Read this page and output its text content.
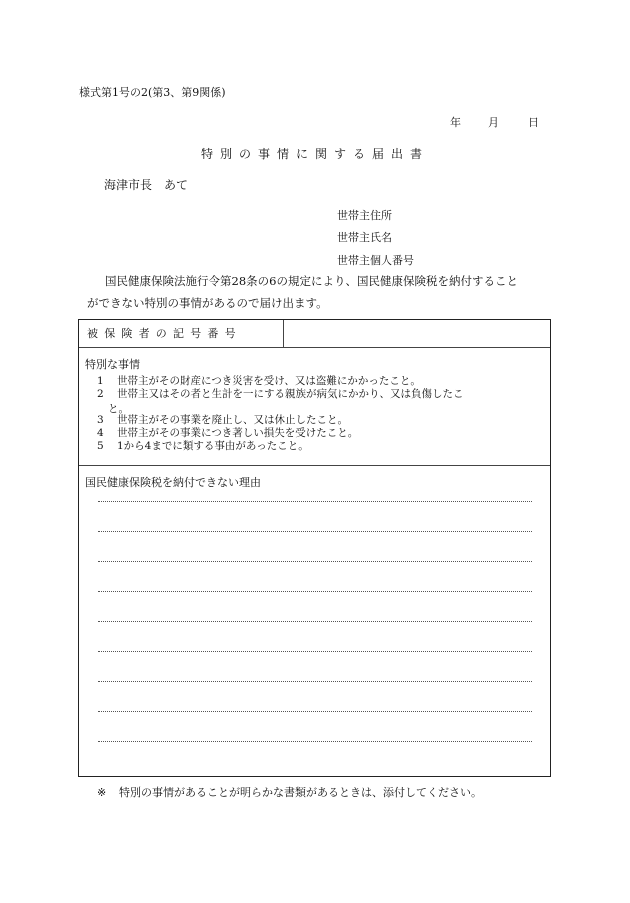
様式第1号の2(第3、第9関係)
年 月	日
特別の事情に関する届出書
海津市長　あて
世帯主住所
世帯主氏名
世帯主個人番号

国民健康保険法施行令第28条の6の規定により、国民健康保険税を納付すること

ができない特別の事情があるので届け出ます。

被保険者の記号番号
特別な事情
1 世帯主がその財産につき災害を受け、又は盗難にかかったこと。
2 世帯主又はその者と生計を一にする親族が病気にかかり、又は負傷したこ
と。
3 世帯主がその事業を廃止し、又は休止したこと。
4 世帯主がその事業につき著しい損失を受けたこと。
5 1から4までに類する事由があったこと。
国民健康保険税を納付できない理由
※ 特別の事情があることが明らかな書類があるときは、添付してください。
